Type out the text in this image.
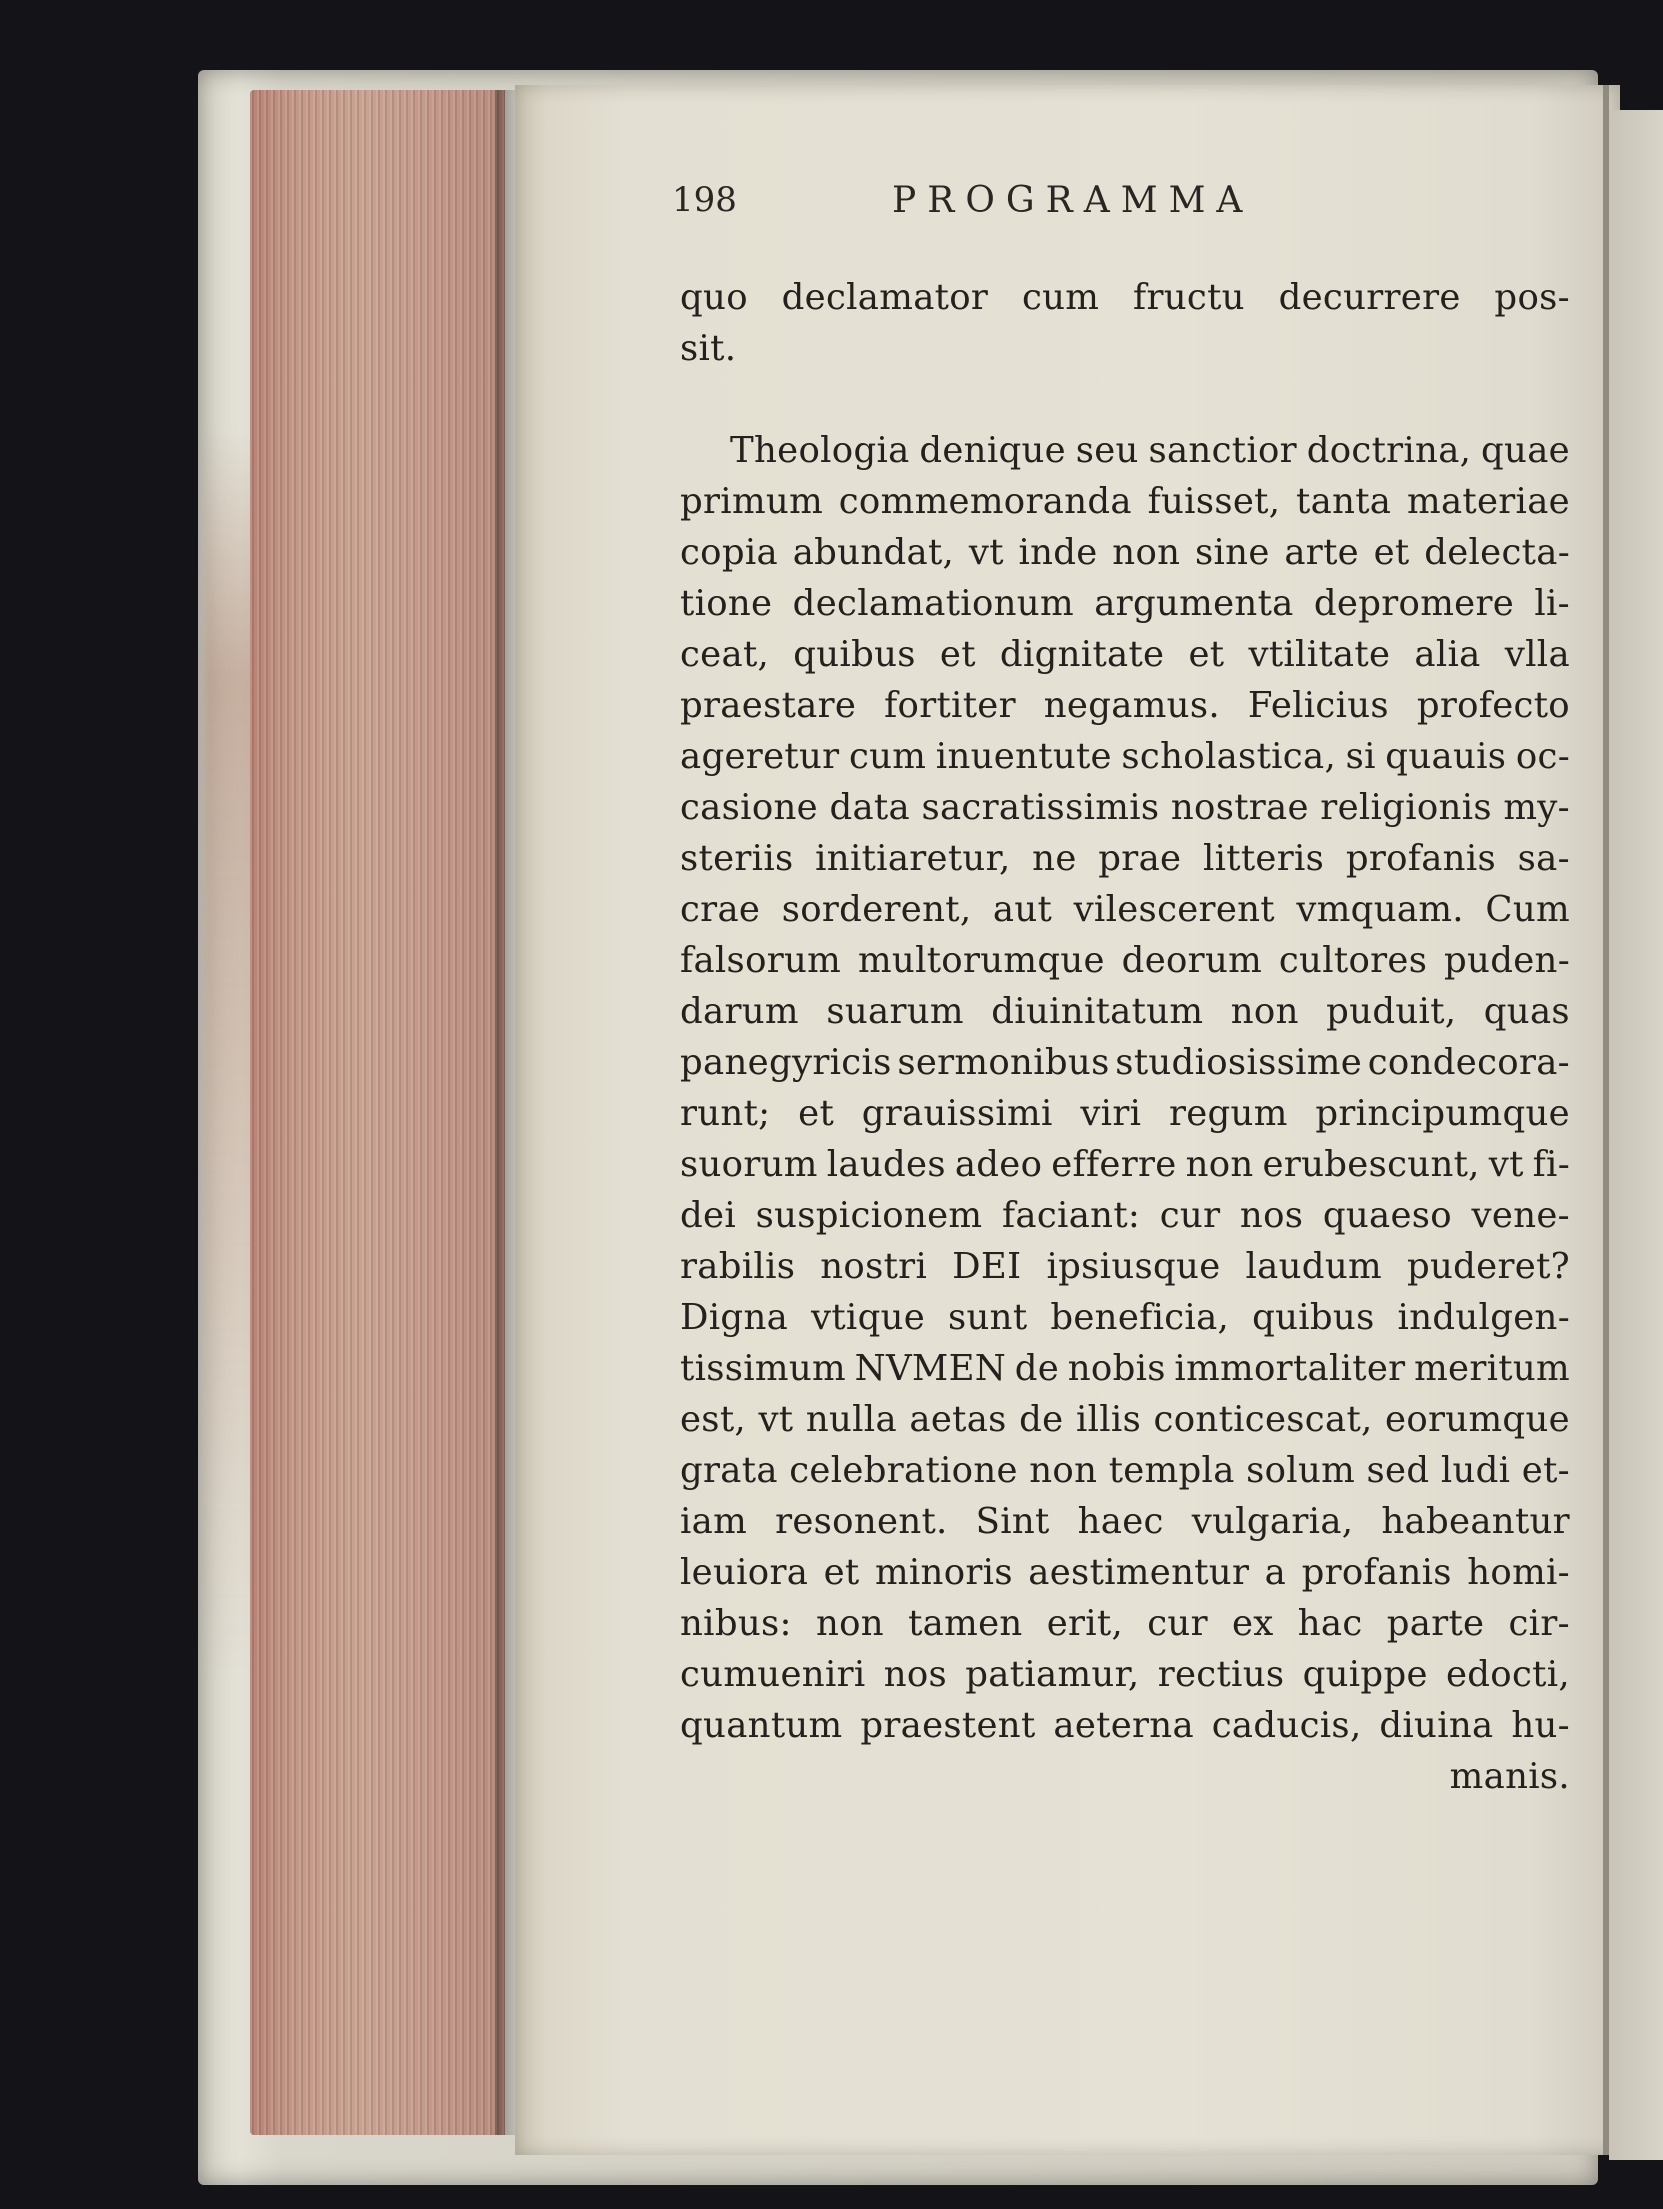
198	PROGRAMMA
quo declamator cum fructu decurrere pos-
sit.
Theologia denique seu sanctior doctrina, quae
primum commemoranda fuisset, tanta materiae
copia abundat, vt inde non sine arte et delecta-
tione declamationum argumenta depromere li-
ceat, quibus et dignitate et vtilitate alia vlla
praestare fortiter negamus. Felicius profecto
ageretur cum inuentute scholastica, si quauis oc-
casione data sacratissimis nostrae religionis my-
steriis initiaretur, ne prae litteris profanis sa-
crae sorderent, aut vilescerent vmquam. Cum
falsorum multorumque deorum cultores puden-
darum suarum diuinitatum non puduit, quas
panegyricis sermonibus studiosissime condecora-
runt; et grauissimi viri regum principumque
suorum laudes adeo efferre non erubescunt, vt fi-
dei suspicionem faciant: cur nos quaeso vene-
rabilis nostri DEI ipsiusque laudum puderet?
Digna vtique sunt beneficia, quibus indulgen-
tissimum NVMEN de nobis immortaliter meritum
est, vt nulla aetas de illis conticescat, eorumque
grata celebratione non templa solum sed ludi et-
iam resonent. Sint haec vulgaria, habeantur
leuiora et minoris aestimentur a profanis homi-
nibus: non tamen erit, cur ex hac parte cir-
cumueniri nos patiamur, rectius quippe edocti,
quantum praestent aeterna caducis, diuina hu-
manis.
